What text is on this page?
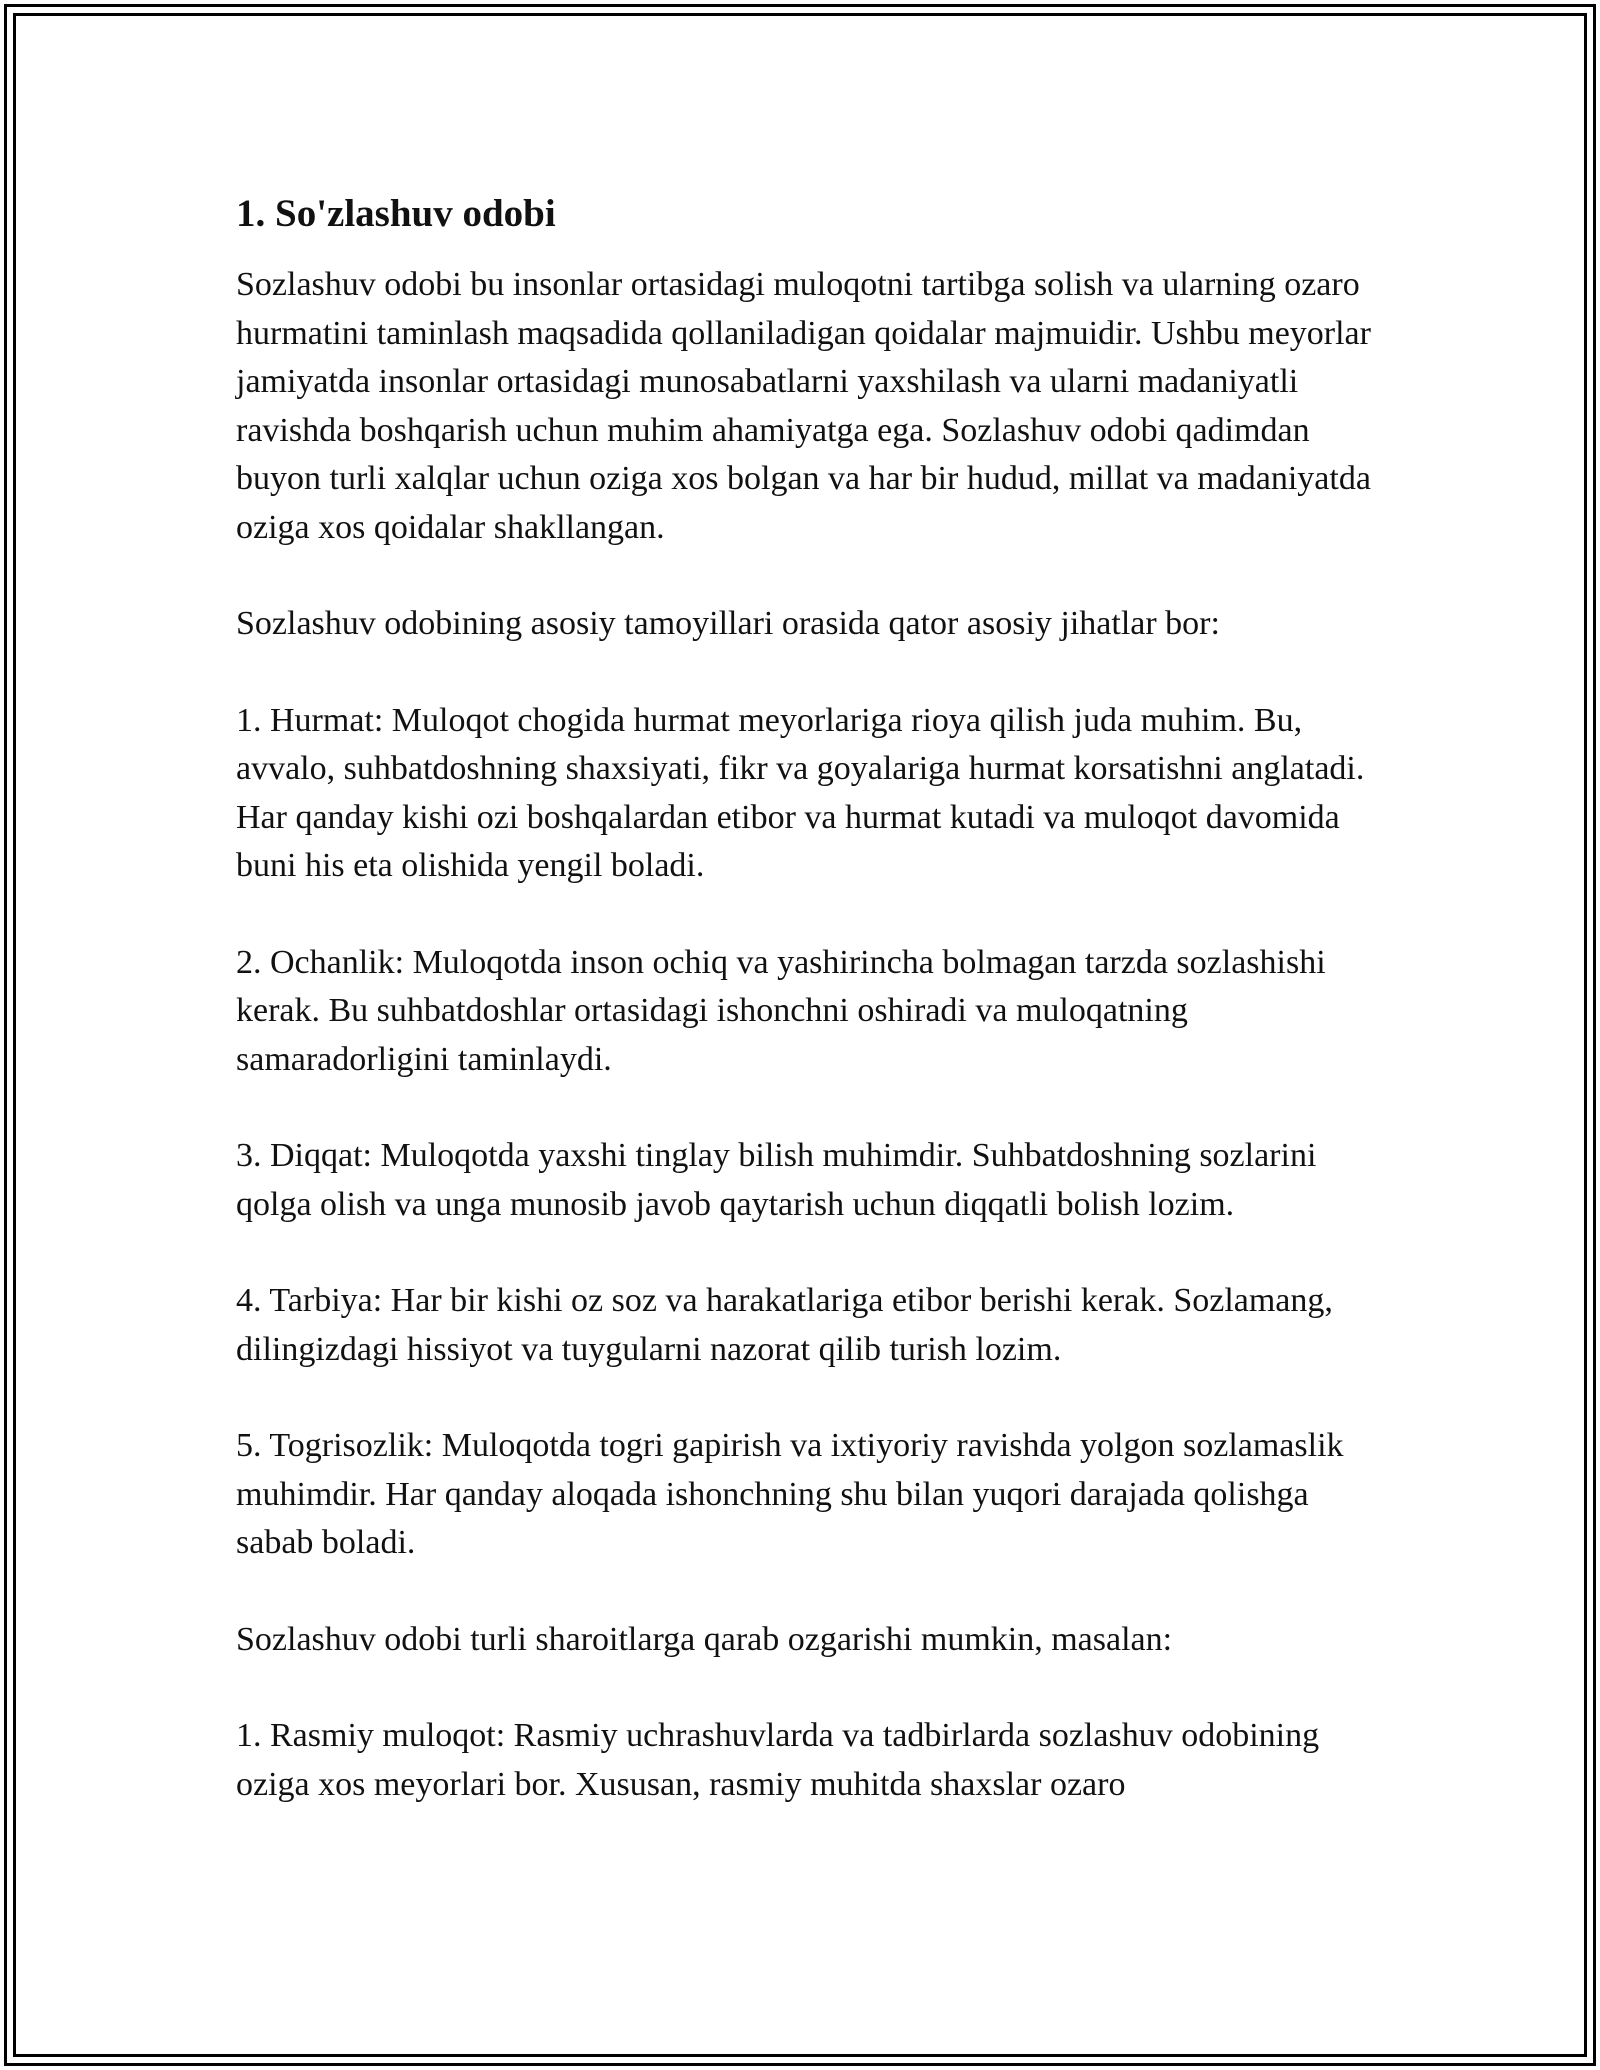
1. So'zlashuv odobi

Sozlashuv odobi bu insonlar ortasidagi muloqotni tartibga solish va ularning ozaro hurmatini taminlash maqsadida qollaniladigan qoidalar majmuidir. Ushbu meyorlar jamiyatda insonlar ortasidagi munosabatlarni yaxshilash va ularni madaniyatli ravishda boshqarish uchun muhim ahamiyatga ega. Sozlashuv odobi qadimdan buyon turli xalqlar uchun oziga xos bolgan va har bir hudud, millat va madaniyatda oziga xos qoidalar shakllangan.

Sozlashuv odobining asosiy tamoyillari orasida qator asosiy jihatlar bor:

1. Hurmat: Muloqot chogida hurmat meyorlariga rioya qilish juda muhim. Bu, avvalo, suhbatdoshning shaxsiyati, fikr va goyalariga hurmat korsatishni anglatadi. Har qanday kishi ozi boshqalardan etibor va hurmat kutadi va muloqot davomida buni his eta olishida yengil boladi.

2. Ochanlik: Muloqotda inson ochiq va yashirincha bolmagan tarzda sozlashishi kerak. Bu suhbatdoshlar ortasidagi ishonchni oshiradi va muloqatning samaradorligini taminlaydi.

3. Diqqat: Muloqotda yaxshi tinglay bilish muhimdir. Suhbatdoshning sozlarini qolga olish va unga munosib javob qaytarish uchun diqqatli bolish lozim.

4. Tarbiya: Har bir kishi oz soz va harakatlariga etibor berishi kerak. Sozlamang, dilingizdagi hissiyot va tuygularni nazorat qilib turish lozim.

5. Togrisozlik: Muloqotda togri gapirish va ixtiyoriy ravishda yolgon sozlamaslik muhimdir. Har qanday aloqada ishonchning shu bilan yuqori darajada qolishga sabab boladi.

Sozlashuv odobi turli sharoitlarga qarab ozgarishi mumkin, masalan:

1. Rasmiy muloqot: Rasmiy uchrashuvlarda va tadbirlarda sozlashuv odobining oziga xos meyorlari bor. Xususan, rasmiy muhitda shaxslar ozaro
